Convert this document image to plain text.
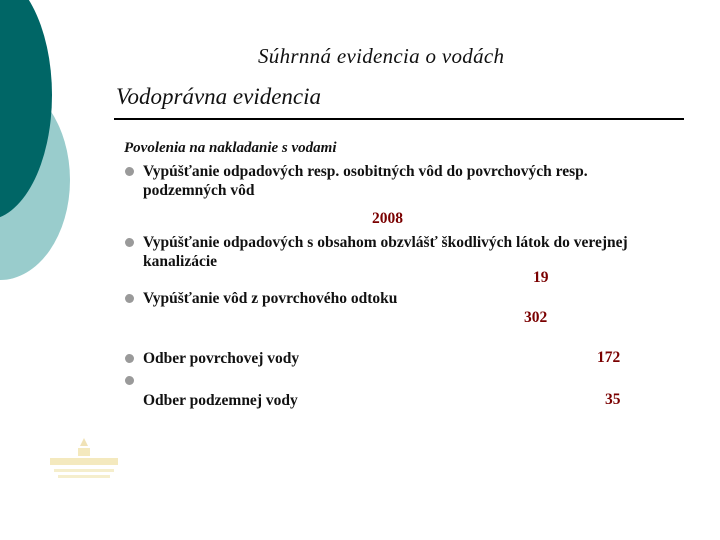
Súhrnná evidencia o vodách
Vodoprávna evidencia
Povolenia na nakladanie s vodami
Vypúšťanie odpadových resp. osobitných vôd do povrchových resp. podzemných vôd
2008
Vypúšťanie odpadových s obsahom obzvlášť škodlivých látok do verejnej kanalizácie
19
Vypúšťanie vôd z povrchového odtoku
302
Odber povrchovej vody	172
Odber podzemnej vody	35
